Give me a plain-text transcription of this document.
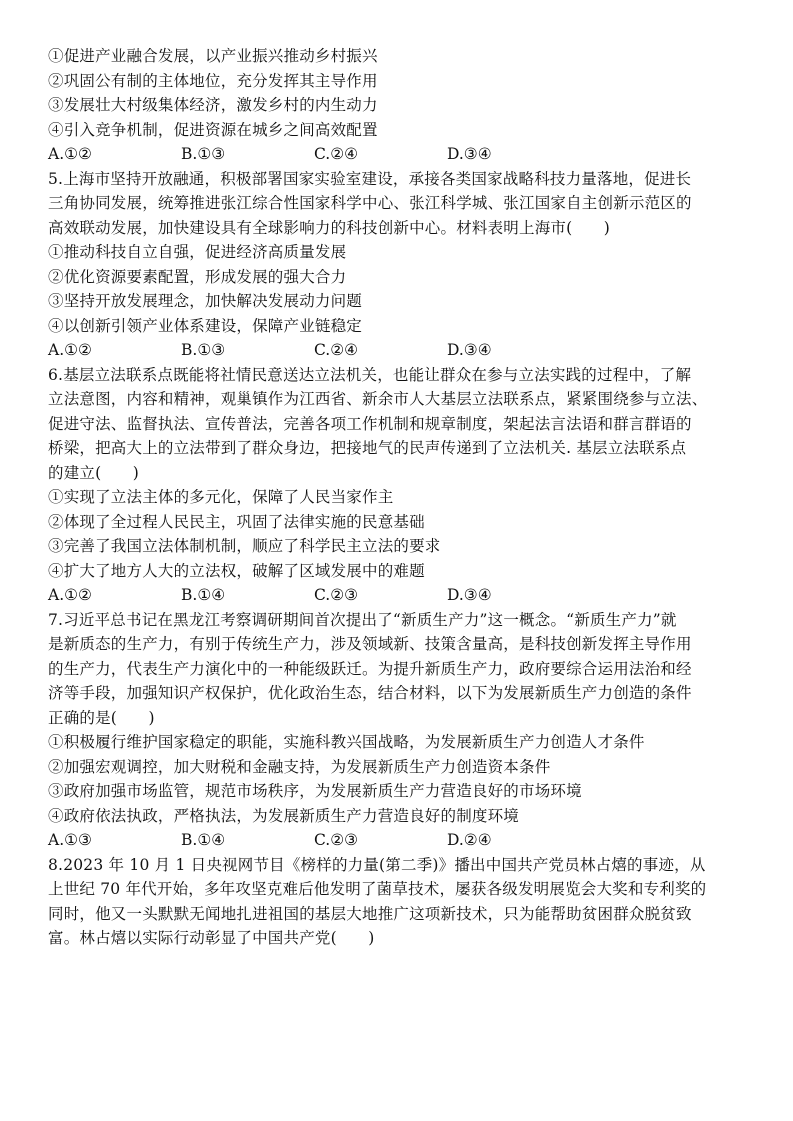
①促进产业融合发展，以产业振兴推动乡村振兴
②巩固公有制的主体地位，充分发挥其主导作用
③发展壮大村级集体经济，激发乡村的内生动力
④引入竞争机制，促进资源在城乡之间高效配置
A.①②	B.①③	C.②④	D.③④
5.上海市坚持开放融通，积极部署国家实验室建设，承接各类国家战略科技力量落地，促进长
三角协同发展，统筹推进张江综合性国家科学中心、张江科学城、张江国家自主创新示范区的
高效联动发展，加快建设具有全球影响力的科技创新中心。材料表明上海市(　　)
①推动科技自立自强，促进经济高质量发展
②优化资源要素配置，形成发展的强大合力
③坚持开放发展理念，加快解决发展动力问题
④以创新引领产业体系建设，保障产业链稳定
A.①②	B.①③	C.②④	D.③④
6.基层立法联系点既能将社情民意送达立法机关，也能让群众在参与立法实践的过程中，了解
立法意图，内容和精神，观巢镇作为江西省、新余市人大基层立法联系点，紧紧围绕参与立法、
促进守法、监督执法、宣传普法，完善各项工作机制和规章制度，架起法言法语和群言群语的
桥梁，把高大上的立法带到了群众身边，把接地气的民声传递到了立法机关. 基层立法联系点
的建立(　　)
①实现了立法主体的多元化，保障了人民当家作主
②体现了全过程人民民主，巩固了法律实施的民意基础
③完善了我国立法体制机制，顺应了科学民主立法的要求
④扩大了地方人大的立法权，破解了区域发展中的难题
A.①②	B.①④	C.②③	D.③④
7.习近平总书记在黑龙江考察调研期间首次提出了“新质生产力”这一概念。“新质生产力”就
是新质态的生产力，有别于传统生产力，涉及领域新、技策含量高，是科技创新发挥主导作用
的生产力，代表生产力演化中的一种能级跃迁。为提升新质生产力，政府要综合运用法治和经
济等手段，加强知识产权保护，优化政治生态，结合材料，以下为发展新质生产力创造的条件
正确的是(　　)
①积极履行维护国家稳定的职能，实施科教兴国战略，为发展新质生产力创造人才条件
②加强宏观调控，加大财税和金融支持，为发展新质生产力创造资本条件
③政府加强市场监管，规范市场秩序，为发展新质生产力营造良好的市场环境
④政府依法执政，严格执法，为发展新质生产力营造良好的制度环境
A.①③	B.①④	C.②③	D.②④
8.2023 年 10 月 1 日央视网节目《榜样的力量(第二季)》播出中国共产党员林占熺的事迹，从
上世纪 70 年代开始，多年攻坚克难后他发明了菌草技术，屡获各级发明展览会大奖和专利奖的
同时，他又一头默默无闻地扎进祖国的基层大地推广这项新技术，只为能帮助贫困群众脱贫致
富。林占熺以实际行动彰显了中国共产党(　　)
